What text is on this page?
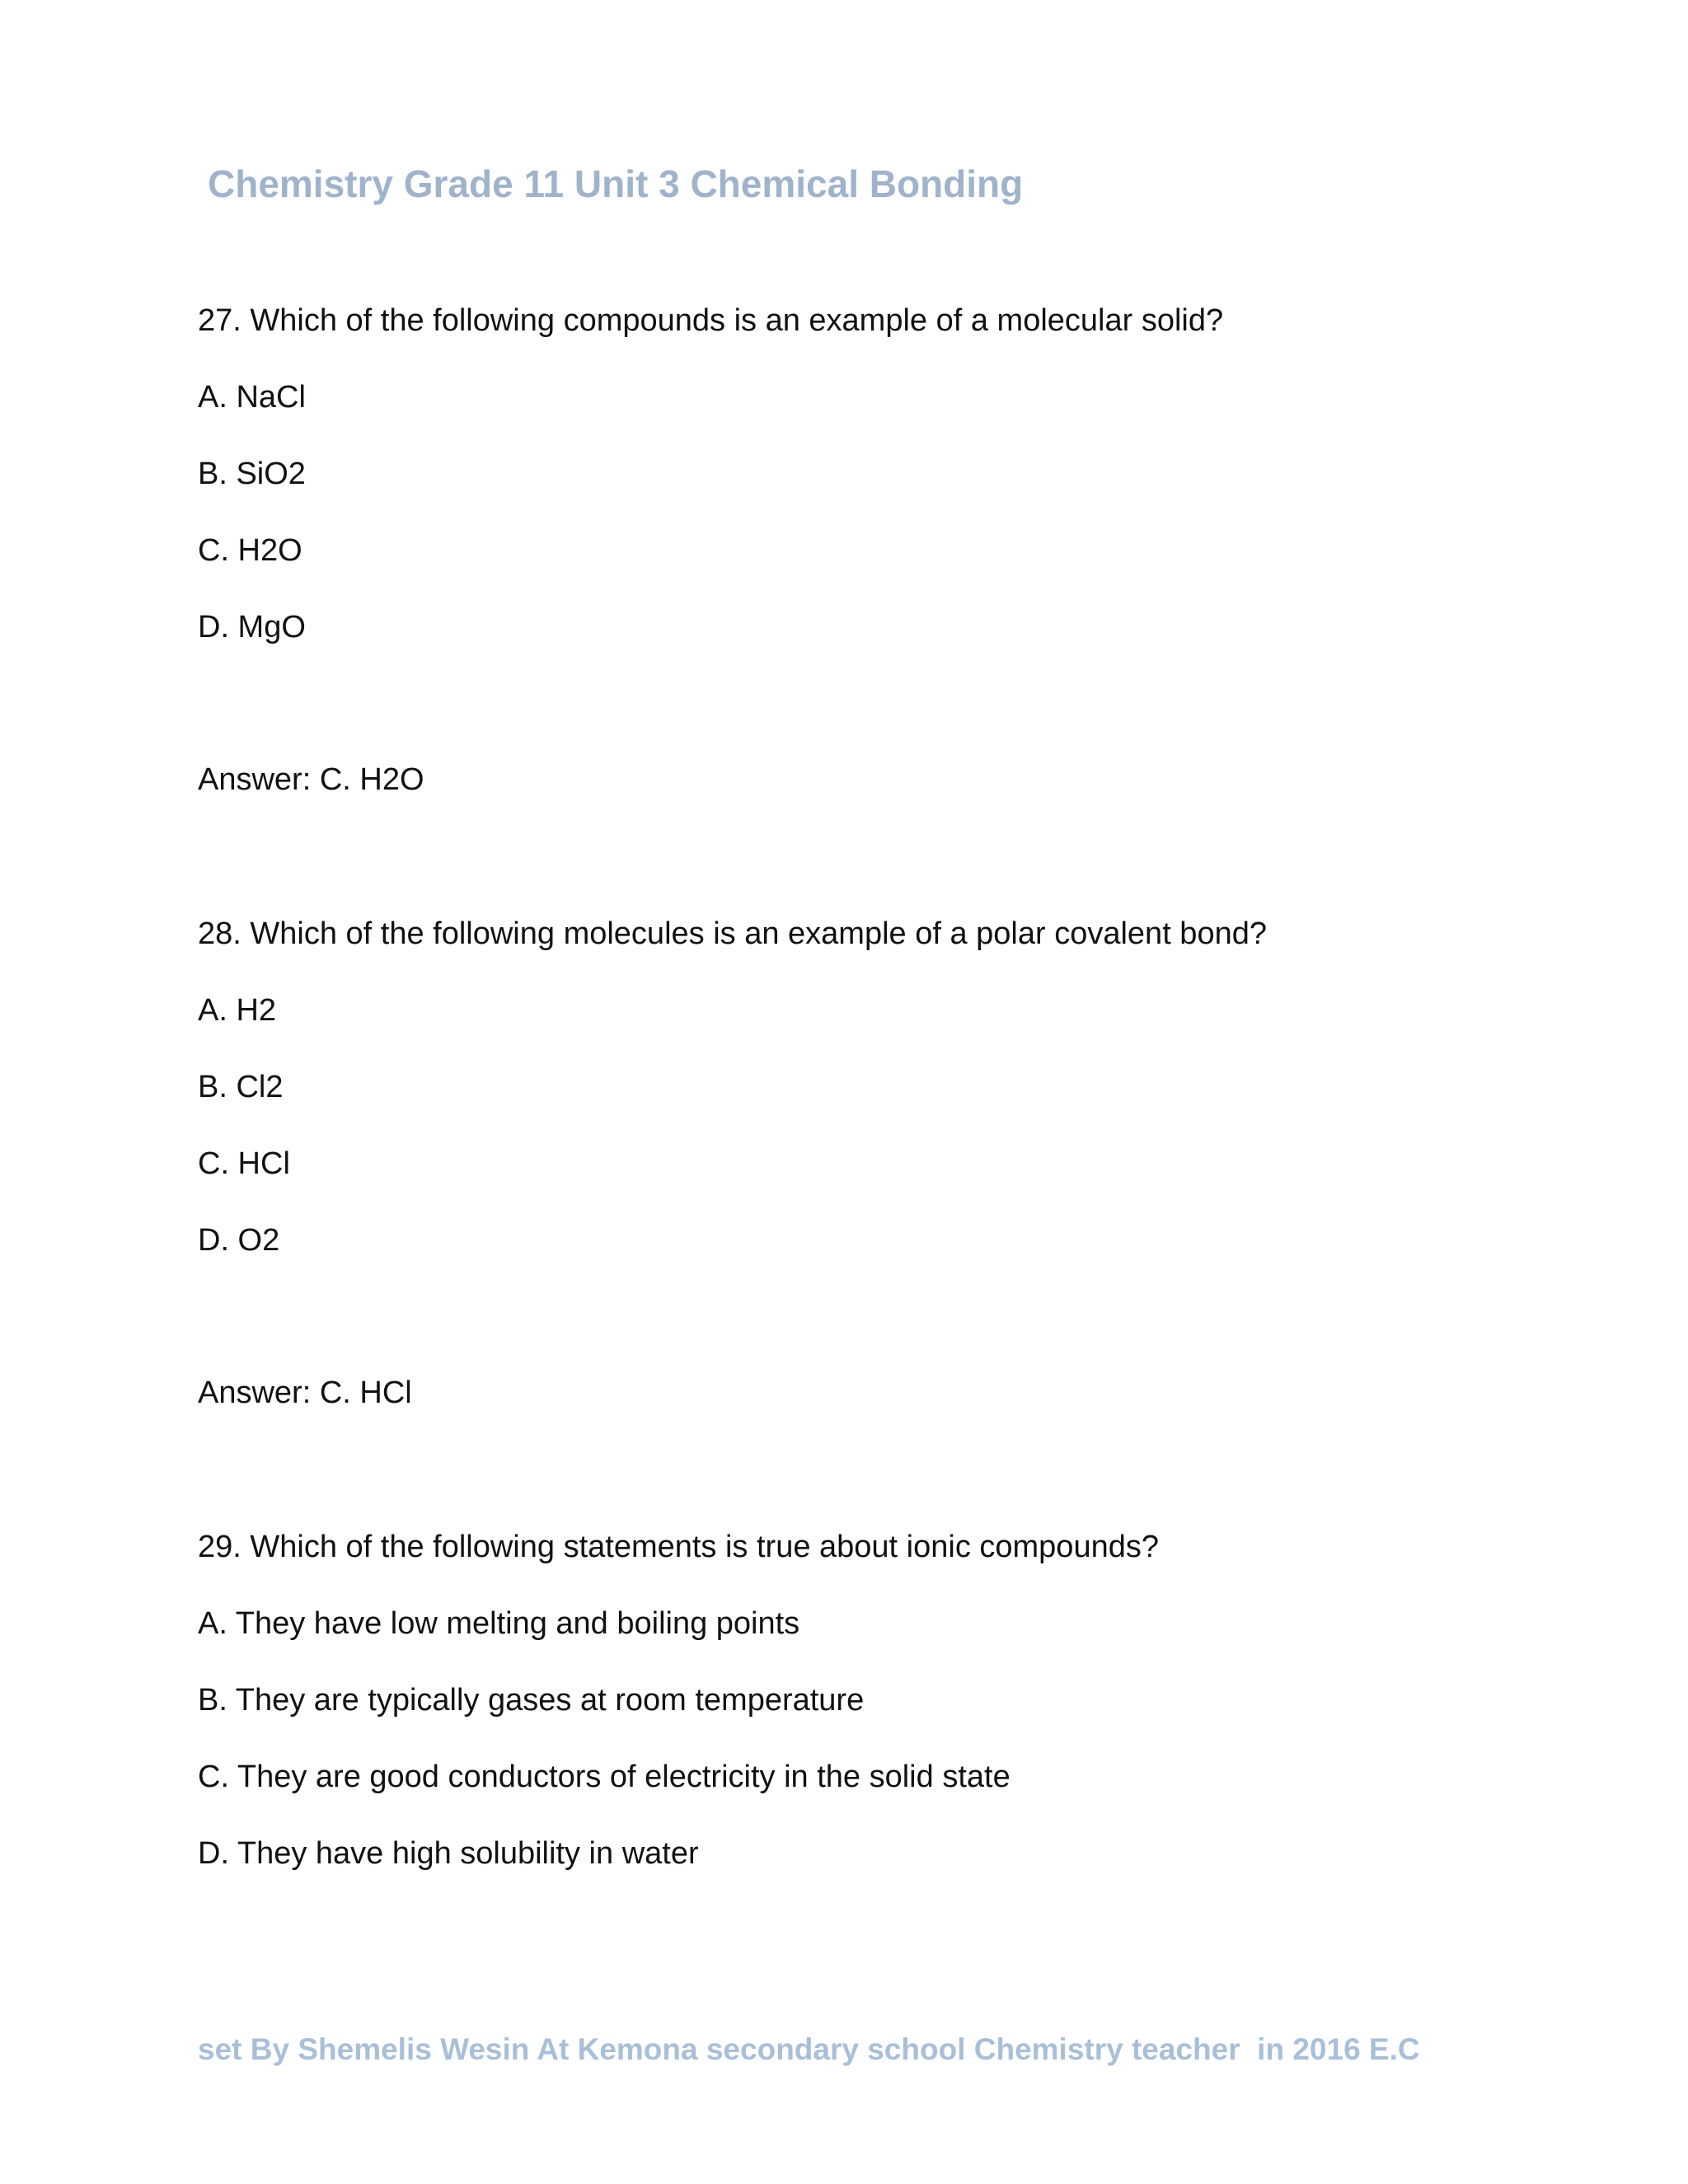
Chemistry Grade 11 Unit 3 Chemical Bonding

27. Which of the following compounds is an example of a molecular solid?

A. NaCl

B. SiO2

C. H2O

D. MgO

Answer: C. H2O

28. Which of the following molecules is an example of a polar covalent bond?

A. H2

B. Cl2

C. HCl

D. O2

Answer: C. HCl

29. Which of the following statements is true about ionic compounds?

A. They have low melting and boiling points

B. They are typically gases at room temperature

C. They are good conductors of electricity in the solid state

D. They have high solubility in water

set By Shemelis Wesin At Kemona secondary school Chemistry teacher  in 2016 E.C
